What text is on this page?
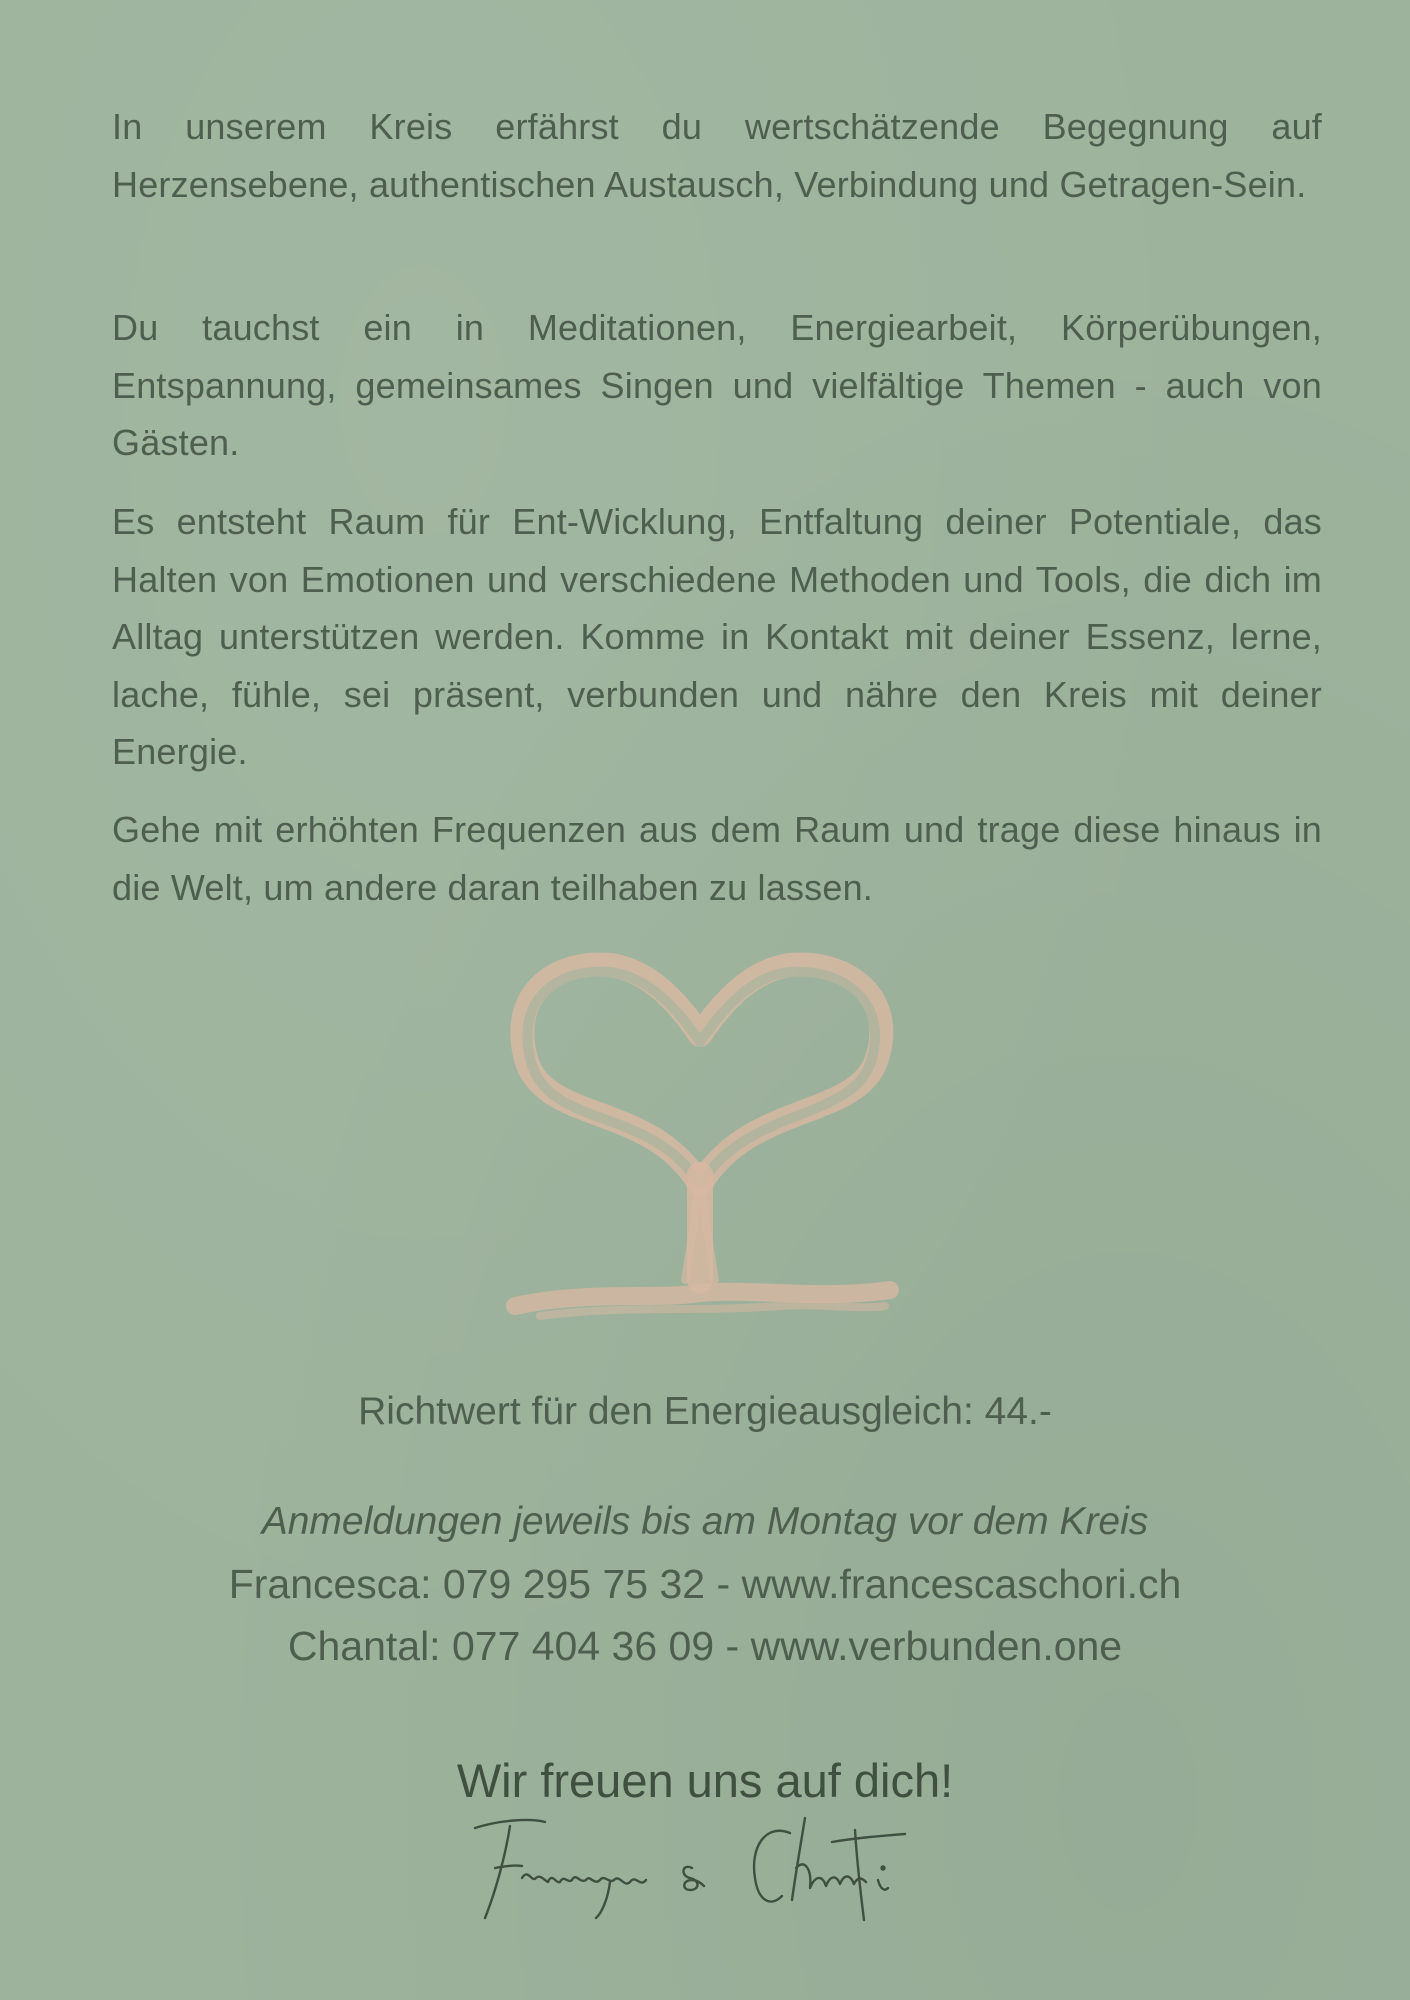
In unserem Kreis erfährst du wertschätzende Begegnung auf Herzensebene, authentischen Austausch, Verbindung und Getragen-Sein.
Du tauchst ein in Meditationen, Energiearbeit, Körperübungen, Entspannung, gemeinsames Singen und vielfältige Themen - auch von Gästen.
Es entsteht Raum für Ent-Wicklung, Entfaltung deiner Potentiale, das Halten von Emotionen und verschiedene Methoden und Tools, die dich im Alltag unterstützen werden. Komme in Kontakt mit deiner Essenz, lerne, lache, fühle, sei präsent, verbunden und nähre den Kreis mit deiner Energie.
Gehe mit erhöhten Frequenzen aus dem Raum und trage diese hinaus in die Welt, um andere daran teilhaben zu lassen.
Richtwert für den Energieausgleich: 44.-
Anmeldungen jeweils bis am Montag vor dem Kreis
Francesca: 079 295 75 32 - www.francescaschori.ch
Chantal: 077 404 36 09 - www.verbunden.one
Wir freuen uns auf dich!
